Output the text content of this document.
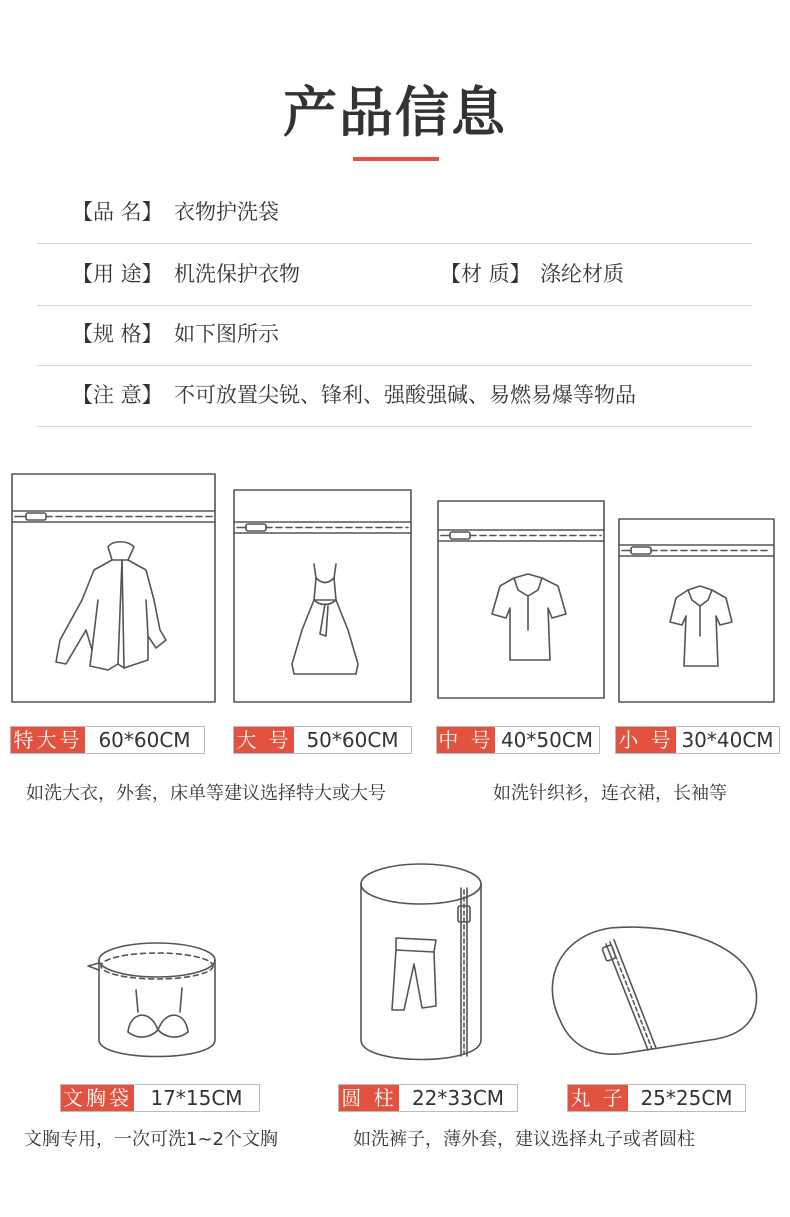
产品信息
【品 名】 衣物护洗袋
【用 途】 机洗保护衣物	【材 质】 涤纶材质
【规 格】 如下图所示
【注 意】 不可放置尖锐、锋利、强酸强碱、易燃易爆等物品
特大号 60*60CM	大 号 50*60CM	中 号 40*50CM 小 号 30*40CM
如洗大衣，外套，床单等建议选择特大或大号	如洗针织衫，连衣裙，长袖等
文胸袋 17*15CM	圆 柱 22*33CM	丸 子 25*25CM
文胸专用，一次可洗1~2个文胸	如洗裤子，薄外套，建议选择丸子或者圆柱
